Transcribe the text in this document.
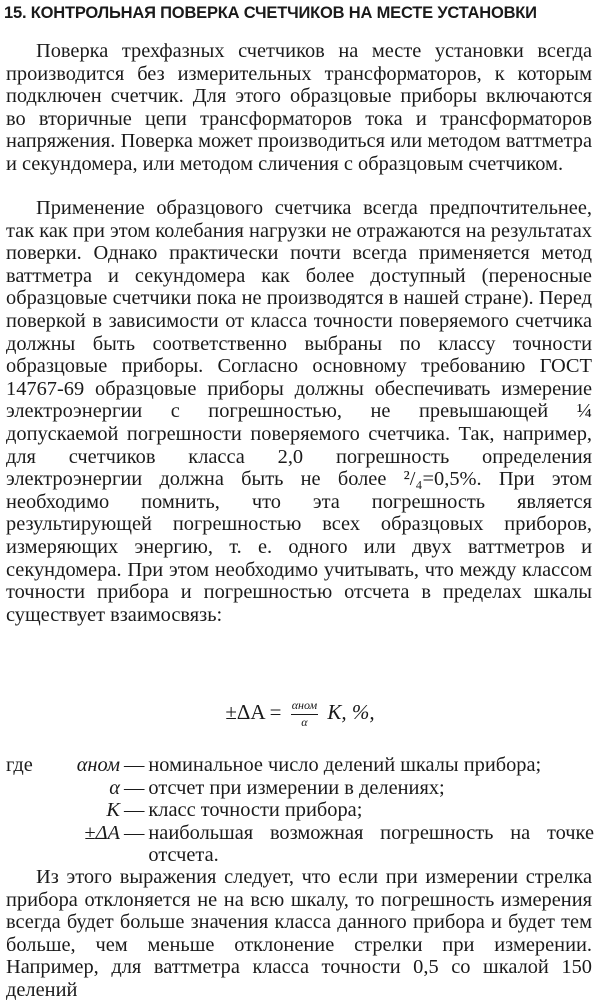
15. КОНТРОЛЬНАЯ ПОВЕРКА СЧЕТЧИКОВ НА МЕСТЕ УСТАНОВКИ

Поверка трехфазных счетчиков на месте установки всегда производится без измерительных трансформаторов, к которым подключен счетчик. Для этого образцовые приборы включаются во вторичные цепи трансформаторов тока и трансформаторов напряжения. Поверка может производиться или методом ваттметра и секундомера, или методом сличения с образцовым счетчиком.

Применение образцового счетчика всегда предпочтительнее, так как при этом колебания нагрузки не отражаются на результатах поверки. Однако практически почти всегда применяется метод ваттметра и секундомера как более доступный (переносные образцовые счетчики пока не производятся в нашей стране). Перед поверкой в зависимости от класса точности поверяемого счетчика должны быть соответственно выбраны по классу точности образцовые приборы. Согласно основному требованию ГОСТ 14767-69 образцовые приборы должны обеспечивать измерение электроэнергии с погрешностью, не превышающей ¼ допускаемой погрешности поверяемого счетчика. Так, например, для счетчиков класса 2,0 погрешность определения электроэнергии должна быть не более ²/₄=0,5%. При этом необходимо помнить, что эта погрешность является результирующей погрешностью всех образцовых приборов, измеряющих энергию, т. е. одного или двух ваттметров и секундомера. При этом необходимо учитывать, что между классом точности прибора и погрешностью отсчета в пределах шкалы существует взаимосвязь:

$\pm\Delta A = \frac{\text{αном}}{\alpha} K$, %,
где	αном — номинальное число делений шкалы прибора;
α — отсчет при измерении в делениях;
K — класс точности прибора;
±ΔA — наибольшая возможная погрешность на точке отсчета.

Из этого выражения следует, что если при измерении стрелка прибора отклоняется не на всю шкалу, то погрешность измерения всегда будет больше значения класса данного прибора и будет тем больше, чем меньше отклонение стрелки при измерении. Например, для ваттметра класса точности 0,5 со шкалой 150 делений
